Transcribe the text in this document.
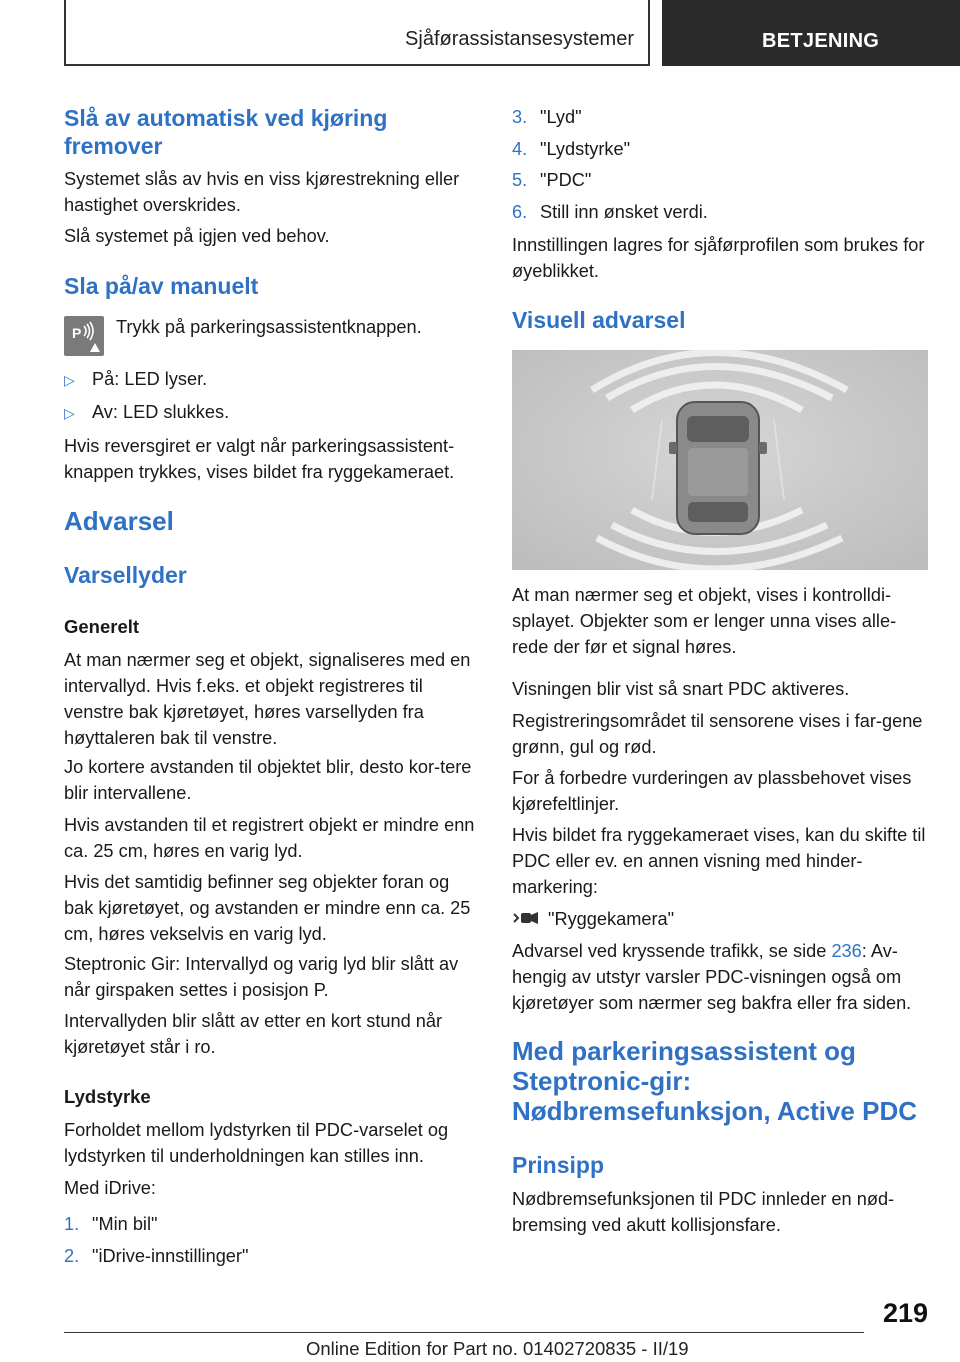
Sjåførassistansesystemer	BETJENING
Slå av automatisk ved kjøring fremover
Systemet slås av hvis en viss kjørestrekning eller hastighet overskrides.
Slå systemet på igjen ved behov.
Sla på/av manuelt
P Trykk på parkeringsassistentknappen.
▷ På: LED lyser.
▷ Av: LED slukkes.
Hvis reversgiret er valgt når parkeringsassistent-knappen trykkes, vises bildet fra ryggekameraet.
Advarsel
Varsellyder
Generelt
At man nærmer seg et objekt, signaliseres med en intervallyd. Hvis f.eks. et objekt registreres til venstre bak kjøretøyet, høres varsellyden fra høyttaleren bak til venstre.
Jo kortere avstanden til objektet blir, desto kor-tere blir intervallene.
Hvis avstanden til et registrert objekt er mindre enn ca. 25 cm, høres en varig lyd.
Hvis det samtidig befinner seg objekter foran og bak kjøretøyet, og avstanden er mindre enn ca. 25 cm, høres vekselvis en varig lyd.
Steptronic Gir: Intervallyd og varig lyd blir slått av når girspaken settes i posisjon P.
Intervallyden blir slått av etter en kort stund når kjøretøyet står i ro.
Lydstyrke
Forholdet mellom lydstyrken til PDC-varselet og lydstyrken til underholdningen kan stilles inn.
Med iDrive:
1. "Min bil"
2. "iDrive-innstillinger"
3. "Lyd"
4. "Lydstyrke"
5. "PDC"
6. Still inn ønsket verdi.
Innstillingen lagres for sjåførprofilen som brukes for øyeblikket.
Visuell advarsel
At man nærmer seg et objekt, vises i kontrolldi-splayet. Objekter som er lenger unna vises alle-rede der før et signal høres.
Visningen blir vist så snart PDC aktiveres.
Registreringsområdet til sensorene vises i far-gene grønn, gul og rød.
For å forbedre vurderingen av plassbehovet vises kjørefeltlinjer.
Hvis bildet fra ryggekameraet vises, kan du skifte til PDC eller ev. en annen visning med hinder-markering:
"Ryggekamera"
Advarsel ved kryssende trafikk, se side 236: Av-hengig av utstyr varsler PDC-visningen også om kjøretøyer som nærmer seg bakfra eller fra siden.
Med parkeringsassistent og Steptronic-gir: Nødbremsefunksjon, Active PDC
Prinsipp
Nødbremsefunksjonen til PDC innleder en nød-bremsing ved akutt kollisjonsfare.
219
Online Edition for Part no. 01402720835 - II/19
